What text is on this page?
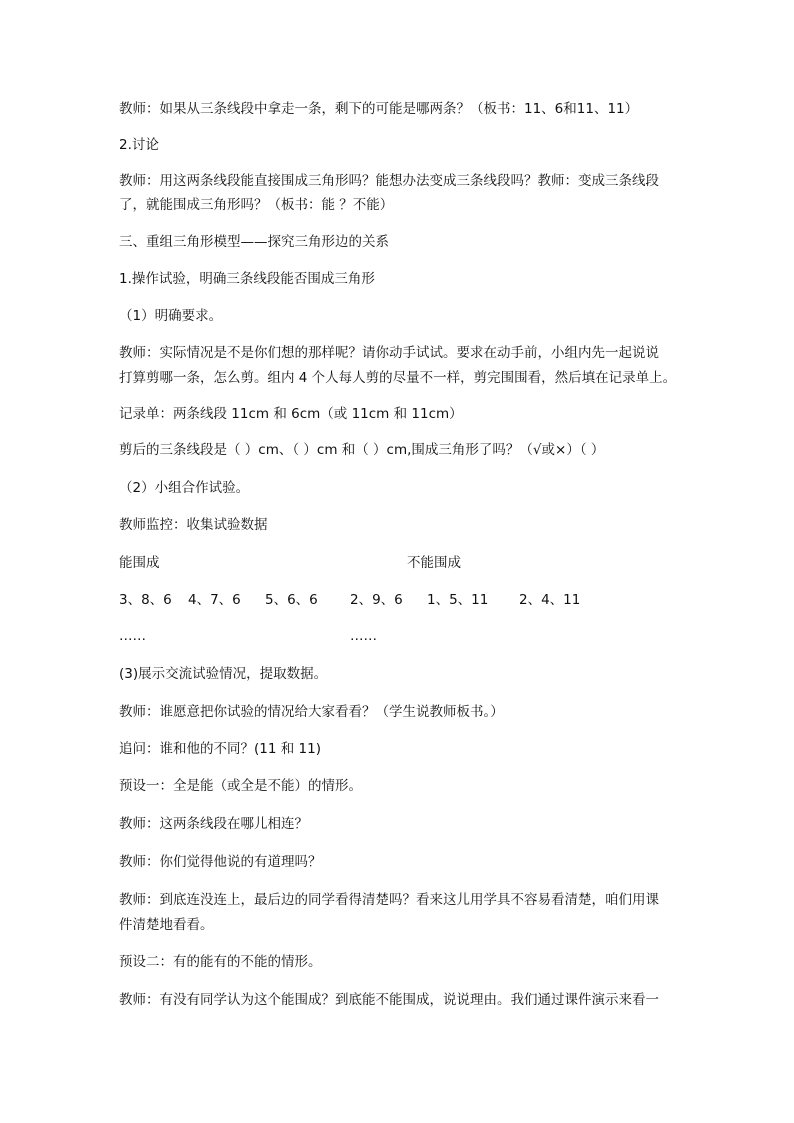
教师：如果从三条线段中拿走一条，剩下的可能是哪两条？（板书：11、6和11、11）
2.讨论
教师：用这两条线段能直接围成三角形吗？能想办法变成三条线段吗？教师：变成三条线段
了，就能围成三角形吗？（板书：能 ？不能）
三、重组三角形模型——探究三角形边的关系
1.操作试验，明确三条线段能否围成三角形
（1）明确要求。
教师：实际情况是不是你们想的那样呢？请你动手试试。要求在动手前，小组内先一起说说
打算剪哪一条，怎么剪。组内 4 个人每人剪的尽量不一样，剪完围围看，然后填在记录单上。
记录单：两条线段 11cm 和 6cm（或 11cm 和 11cm）
剪后的三条线段是（ ）cm、（ ）cm 和（ ）cm,围成三角形了吗？（√或×）（ ）
（2）小组合作试验。
教师监控：收集试验数据
能围成	不能围成
3、8、6 4、7、6 5、6、6 2、9、6 1、5、11 2、4、11
……	……
(3)展示交流试验情况，提取数据。
教师：谁愿意把你试验的情况给大家看看？（学生说教师板书。）
追问：谁和他的不同？(11 和 11)
预设一：全是能（或全是不能）的情形。
教师：这两条线段在哪儿相连？
教师：你们觉得他说的有道理吗？
教师：到底连没连上，最后边的同学看得清楚吗？看来这儿用学具不容易看清楚，咱们用课
件清楚地看看。
预设二：有的能有的不能的情形。
教师：有没有同学认为这个能围成？到底能不能围成，说说理由。我们通过课件演示来看一
